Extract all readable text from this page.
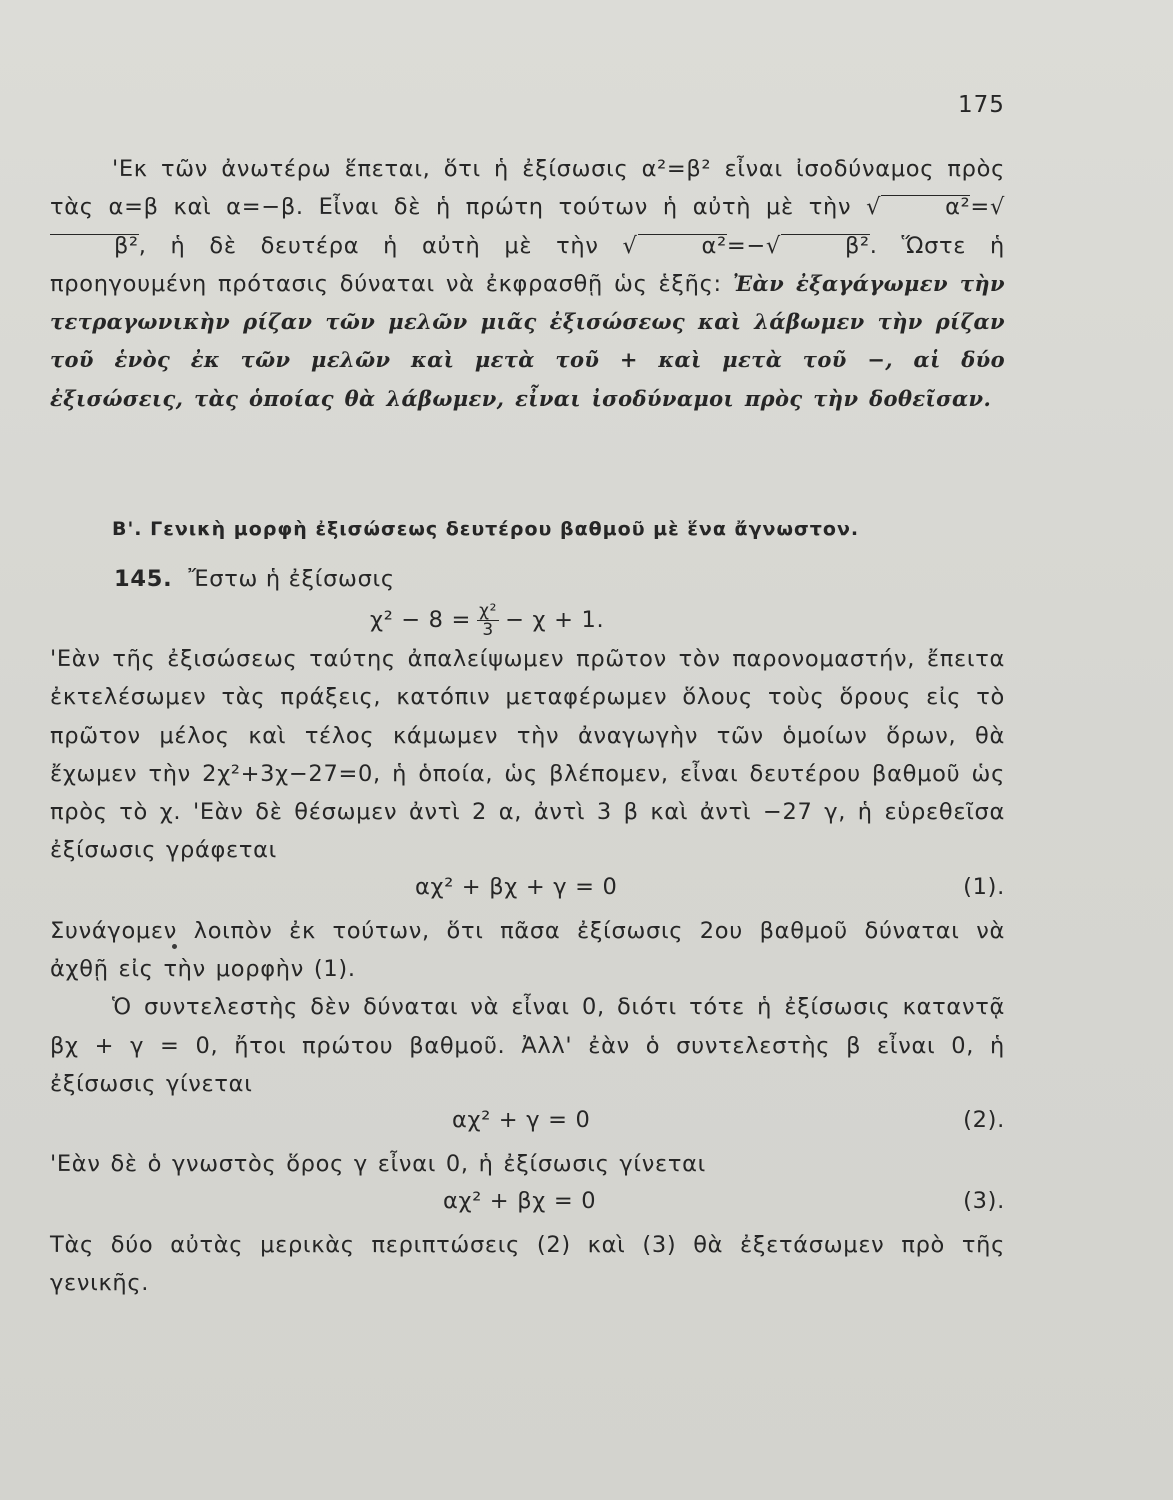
175

'Εκ τῶν ἀνωτέρω ἕπεται, ὅτι ἡ ἐξίσωσις α²=β² εἶναι ἰσοδύναμος πρὸς τὰς α=β καὶ α=−β. Εἶναι δὲ ἡ πρώτη τούτων ἡ αὐτὴ μὲ τὴν √	α²=√β², ἡ δὲ δευτέρα ἡ αὐτὴ μὲ τὴν √	α²=−√	β². Ὥστε ἡ προηγουμένη πρότασις δύναται νὰ ἐκφρασθῇ ὡς ἑξῆς: Ἐὰν ἐξαγάγωμεν τὴν τετραγωνικὴν ρίζαν τῶν μελῶν μιᾶς ἐξισώσεως καὶ λάβωμεν τὴν ρίζαν τοῦ ἑνὸς ἐκ τῶν μελῶν καὶ μετὰ τοῦ + καὶ μετὰ τοῦ −, αἱ δύο ἐξισώσεις, τὰς ὁποίας θὰ λάβωμεν, εἶναι ἰσοδύναμοι πρὸς τὴν δοθεῖσαν.

Β'. Γενικὴ μορφὴ ἐξισώσεως δευτέρου βαθμοῦ μὲ ἕνα ἄγνωστον.

145. Ἔστω ἡ ἐξίσωσις

$\chi^2 - 8 = \frac{\text{χ²}}{3} - \chi + 1$.

'Εὰν τῆς ἐξισώσεως ταύτης ἀπαλείψωμεν πρῶτον τὸν παρονομαστήν, ἔπειτα ἐκτελέσωμεν τὰς πράξεις, κατόπιν μεταφέρωμεν ὅλους τοὺς ὅρους εἰς τὸ πρῶτον μέλος καὶ τέλος κάμωμεν τὴν ἀναγωγὴν τῶν ὁμοίων ὅρων, θὰ ἔχωμεν τὴν 2χ²+3χ−27=0, ἡ ὁποία, ὡς βλέπομεν, εἶναι δευτέρου βαθμοῦ ὡς πρὸς τὸ χ. 'Εὰν δὲ θέσωμεν ἀντὶ 2 α, ἀντὶ 3 β καὶ ἀντὶ −27 γ, ἡ εὑρεθεῖσα ἐξίσωσις γράφεται

αχ² + βχ + γ = 0	(1).

Συνάγομεν λοιπὸν ἐκ τούτων, ὅτι πᾶσα ἐξίσωσις 2ου βαθμοῦ δύναται νὰ ἀχθῇ εἰς τὴν μορφὴν (1).

Ὁ συντελεστὴς δὲν δύναται νὰ εἶναι 0, διότι τότε ἡ ἐξίσωσις καταντᾷ βχ + γ = 0, ἤτοι πρώτου βαθμοῦ. Ἀλλ' ἐὰν ὁ συντελεστὴς β εἶναι 0, ἡ ἐξίσωσις γίνεται

αχ² + γ = 0	(2).

'Εὰν δὲ ὁ γνωστὸς ὅρος γ εἶναι 0, ἡ ἐξίσωσις γίνεται

αχ² + βχ = 0	(3).

Τὰς δύο αὐτὰς μερικὰς περιπτώσεις (2) καὶ (3) θὰ ἐξετάσωμεν πρὸ τῆς γενικῆς.
